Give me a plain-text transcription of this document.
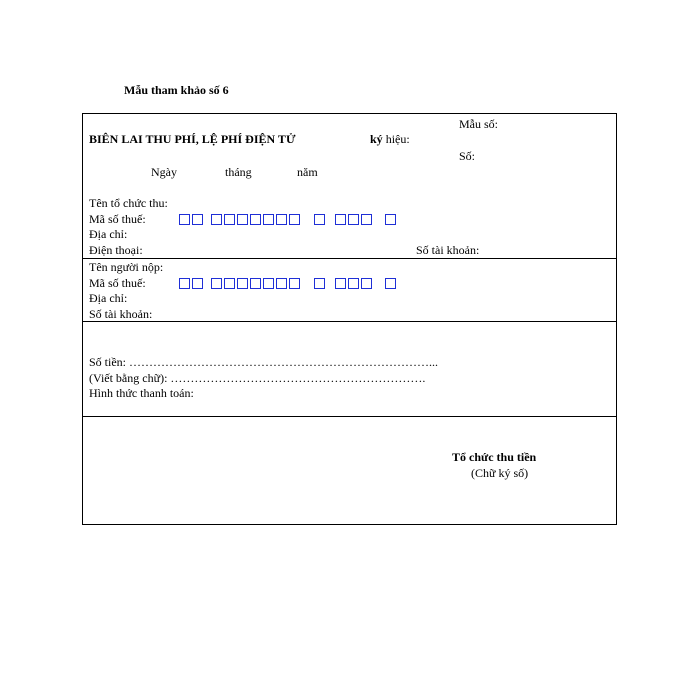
Mẫu tham khảo số 6
BIÊN LAI THU PHÍ, LỆ PHÍ ĐIỆN TỬ	ký hiệu:
Mẫu số:
Số:
Ngày	tháng	năm
Tên tổ chức thu:
Mã số thuế:
Địa chỉ:
Điện thoại:	Số tài khoản:
Tên người nộp:
Mã số thuế:
Địa chỉ:
Số tài khoản:
Số tiền: …………………………………………………………………...
(Viết bằng chữ): ……………………………………………………….
Hình thức thanh toán:
Tổ chức thu tiền
(Chữ ký số)
